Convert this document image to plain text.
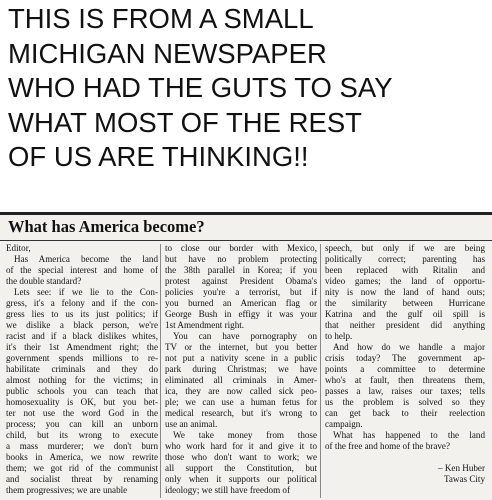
THIS IS FROM A SMALL
MICHIGAN NEWSPAPER
WHO HAD THE GUTS TO SAY
WHAT MOST OF THE REST
OF US ARE THINKING!!
What has America become?
Editor,
Has America become the land
of the special interest and home of
the double standard?
Lets see: if we lie to the Con-
gress, it's a felony and if the con-
gress lies to us its just politics; if
we dislike a black person, we're
racist and if a black dislikes whites,
it's their 1st Amendment right; the
government spends millions to re-
habilitate criminals and they do
almost nothing for the victims; in
public schools you can teach that
homosexuality is OK, but you bet-
ter not use the word God in the
process; you can kill an unborn
child, but its wrong to execute
a mass murderer; we don't burn
books in America, we now rewrite
them; we got rid of the communist
and socialist threat by renaming
them progressives; we are unable
to close our border with Mexico,
but have no problem protecting
the 38th parallel in Korea; if you
protest against President Obama's
policies you're a terrorist, but if
you burned an American flag or
George Bush in effigy it was your
1st Amendment right.
You can have pornography on
TV or the internet, but you better
not put a nativity scene in a public
park during Christmas; we have
eliminated all criminals in Amer-
ica, they are now called sick peo-
ple; we can use a human fetus for
medical research, but it's wrong to
use an animal.
We take money from those
who work hard for it and give it to
those who don't want to work; we
all support the Constitution, but
only when it supports our political
ideology; we still have freedom of
speech, but only if we are being
politically correct; parenting has
been replaced with Ritalin and
video games; the land of opportu-
nity is now the land of hand outs;
the similarity between Hurricane
Katrina and the gulf oil spill is
that neither president did anything
to help.
And how do we handle a major
crisis today? The government ap-
points a committee to determine
who's at fault, then threatens them,
passes a law, raises our taxes; tells
us the problem is solved so they
can get back to their reelection
campaign.
What has happened to the land
of the free and home of the brave?

– Ken Huber
Tawas City
